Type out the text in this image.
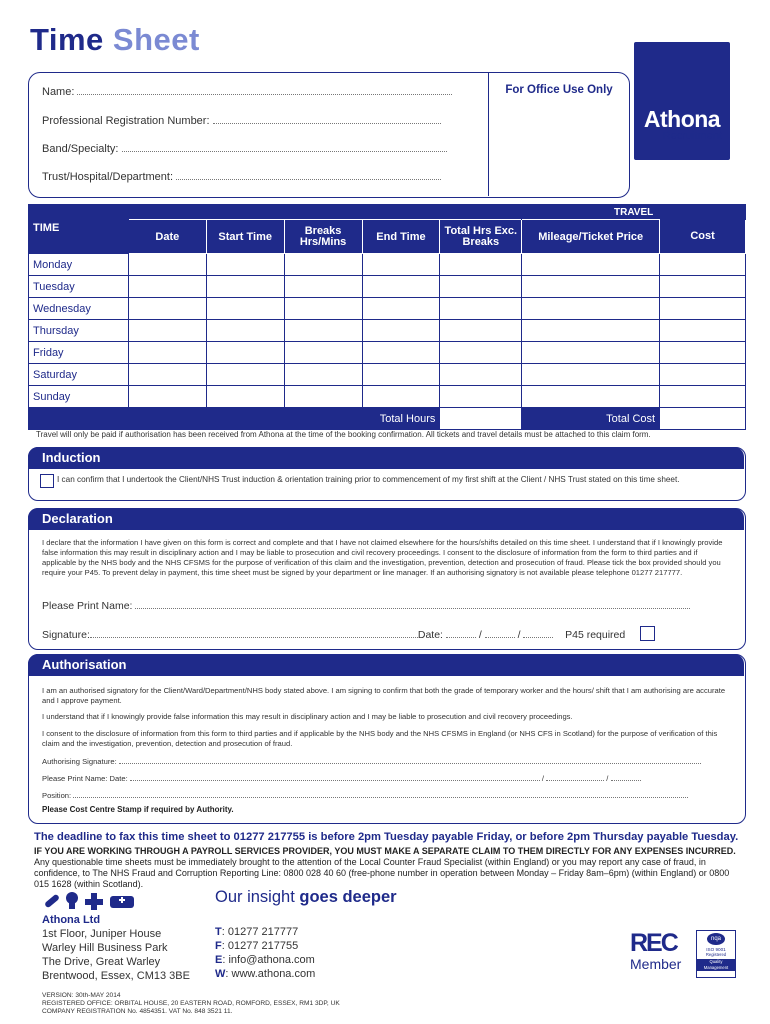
Time Sheet
Athona
Recruitment
For Office Use Only
Name:
Professional Registration Number:
Band/Specialty:
Trust/Hospital/Department:
						TRAVEL	
TIME	Date	Start Time	Breaks Hrs/Mins	End Time	Total Hrs Exc. Breaks	Mileage/Ticket Price	Cost
Monday							
Tuesday							
Wednesday							
Thursday							
Friday							
Saturday							
Sunday							
Total Hours						Total Cost	
Travel will only be paid if authorisation has been received from Athona at the time of the booking confirmation. All tickets and travel details must be attached to this claim form.
Induction
I can confirm that I undertook the Client/NHS Trust induction & orientation training prior to commencement of my first shift at the Client / NHS Trust stated on this time sheet.
Declaration
I declare that the information I have given on this form is correct and complete and that I have not claimed elsewhere for the hours/shifts detailed on this time sheet. I understand that if I knowingly provide false information this may result in disciplinary action and I may be liable to prosecution and civil recovery proceedings. I consent to the disclosure of information from the form to third parties and if applicable by the NHS body and the NHS CFSMS for the purpose of verification of this claim and the investigation, prevention, detection and prosecution of fraud. Please tick the box provided should you require your P45. To prevent delay in payment, this time sheet must be signed by your department or line manager. If an authorising signatory is not available please telephone 01277 217777.
Please Print Name:
Signature:	Date:	/	/	P45 required
Authorisation
I am an authorised signatory for the Client/Ward/Department/NHS body stated above. I am signing to confirm that both the grade of temporary worker and the hours/ shift that I am authorising are accurate and I approve payment.
I understand that if I knowingly provide false information this may result in disciplinary action and I may be liable to prosecution and civil recovery proceedings.
I consent to the disclosure of information from this form to third parties and if applicable by the NHS body and the NHS CFSMS in England (or NHS CFS in Scotland) for the purpose of verification of this claim and the investigation, prevention, detection and prosecution of fraud.
Authorising Signature:
Please Print Name: Date:	/	/
Position:
Please Cost Centre Stamp if required by Authority.
The deadline to fax this time sheet to 01277 217755 is before 2pm Tuesday payable Friday, or before 2pm Thursday payable Tuesday.
IF YOU ARE WORKING THROUGH A PAYROLL SERVICES PROVIDER, YOU MUST MAKE A SEPARATE CLAIM TO THEM DIRECTLY FOR ANY EXPENSES INCURRED. Any questionable time sheets must be immediately brought to the attention of the Local Counter Fraud Specialist (within England) or you may report any case of fraud, in confidence, to The NHS Fraud and Corruption Reporting Line: 0800 028 40 60 (free-phone number in operation between Monday – Friday 8am–6pm) (within England) or 0800 015 1628 (within Scotland).
Our insight goes deeper
Athona Ltd
1st Floor, Juniper House
Warley Hill Business Park
The Drive, Great Warley
Brentwood, Essex, CM13 3BE
T: 01277 217777
F: 01277 217755
E: info@athona.com
W: www.athona.com
REC
Member
nqa
ISO 9001
Registered
Quality Management
VERSION: 30th-MAY 2014
REGISTERED OFFICE: ORBITAL HOUSE, 20 EASTERN ROAD, ROMFORD, ESSEX, RM1 3DP, UK
COMPANY REGISTRATION No. 4854351. VAT No. 848 3521 11.
